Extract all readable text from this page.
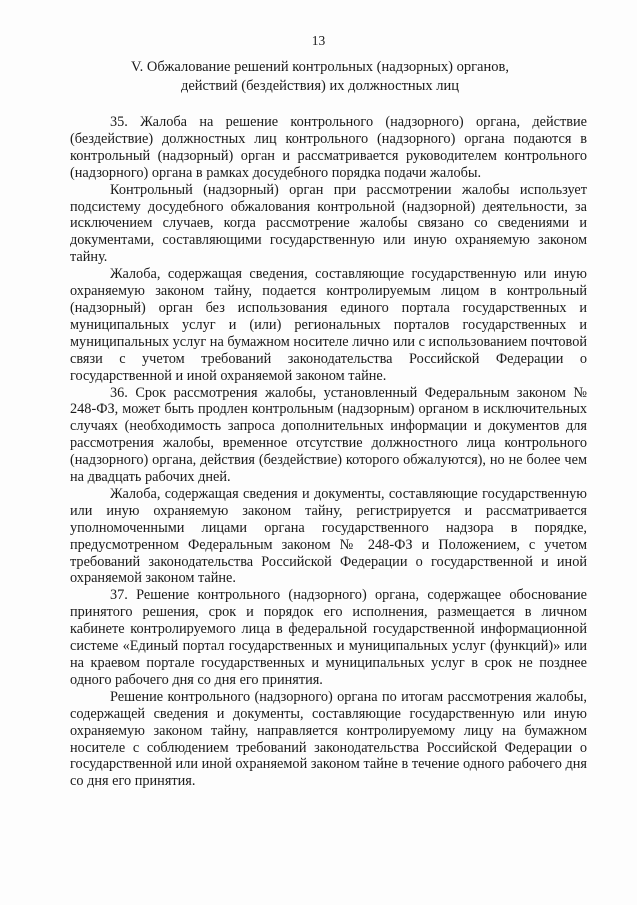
13
V. Обжалование решений контрольных (надзорных) органов,
действий (бездействия) их должностных лиц

35. Жалоба на решение контрольного (надзорного) органа, действие (бездействие) должностных лиц контрольного (надзорного) органа подаются в контрольный (надзорный) орган и рассматривается руководителем контрольного (надзорного) органа в рамках досудебного порядка подачи жалобы.

Контрольный (надзорный) орган при рассмотрении жалобы использует подсистему досудебного обжалования контрольной (надзорной) деятельности, за исключением случаев, когда рассмотрение жалобы связано со сведениями и документами, составляющими государственную или иную охраняемую законом тайну.

Жалоба, содержащая сведения, составляющие государственную или иную охраняемую законом тайну, подается контролируемым лицом в контрольный (надзорный) орган без использования единого портала государственных и муниципальных услуг и (или) региональных порталов государственных и муниципальных услуг на бумажном носителе лично или с использованием почтовой связи с учетом требований законодательства Российской Федерации о государственной и иной охраняемой законом тайне.

36. Срок рассмотрения жалобы, установленный Федеральным законом № 248-ФЗ, может быть продлен контрольным (надзорным) органом в исключительных случаях (необходимость запроса дополнительных информации и документов для рассмотрения жалобы, временное отсутствие должностного лица контрольного (надзорного) органа, действия (бездействие) которого обжалуются), но не более чем на двадцать рабочих дней.

Жалоба, содержащая сведения и документы, составляющие государственную или иную охраняемую законом тайну, регистрируется и рассматривается уполномоченными лицами органа государственного надзора в порядке, предусмотренном Федеральным законом № 248-ФЗ и Положением, с учетом требований законодательства Российской Федерации о государственной и иной охраняемой законом тайне.

37. Решение контрольного (надзорного) органа, содержащее обоснование принятого решения, срок и порядок его исполнения, размещается в личном кабинете контролируемого лица в федеральной государственной информационной системе «Единый портал государственных и муниципальных услуг (функций)» или на краевом портале государственных и муниципальных услуг в срок не позднее одного рабочего дня со дня его принятия.

Решение контрольного (надзорного) органа по итогам рассмотрения жалобы, содержащей сведения и документы, составляющие государственную или иную охраняемую законом тайну, направляется контролируемому лицу на бумажном носителе с соблюдением требований законодательства Российской Федерации о государственной или иной охраняемой законом тайне в течение одного рабочего дня со дня его принятия.
